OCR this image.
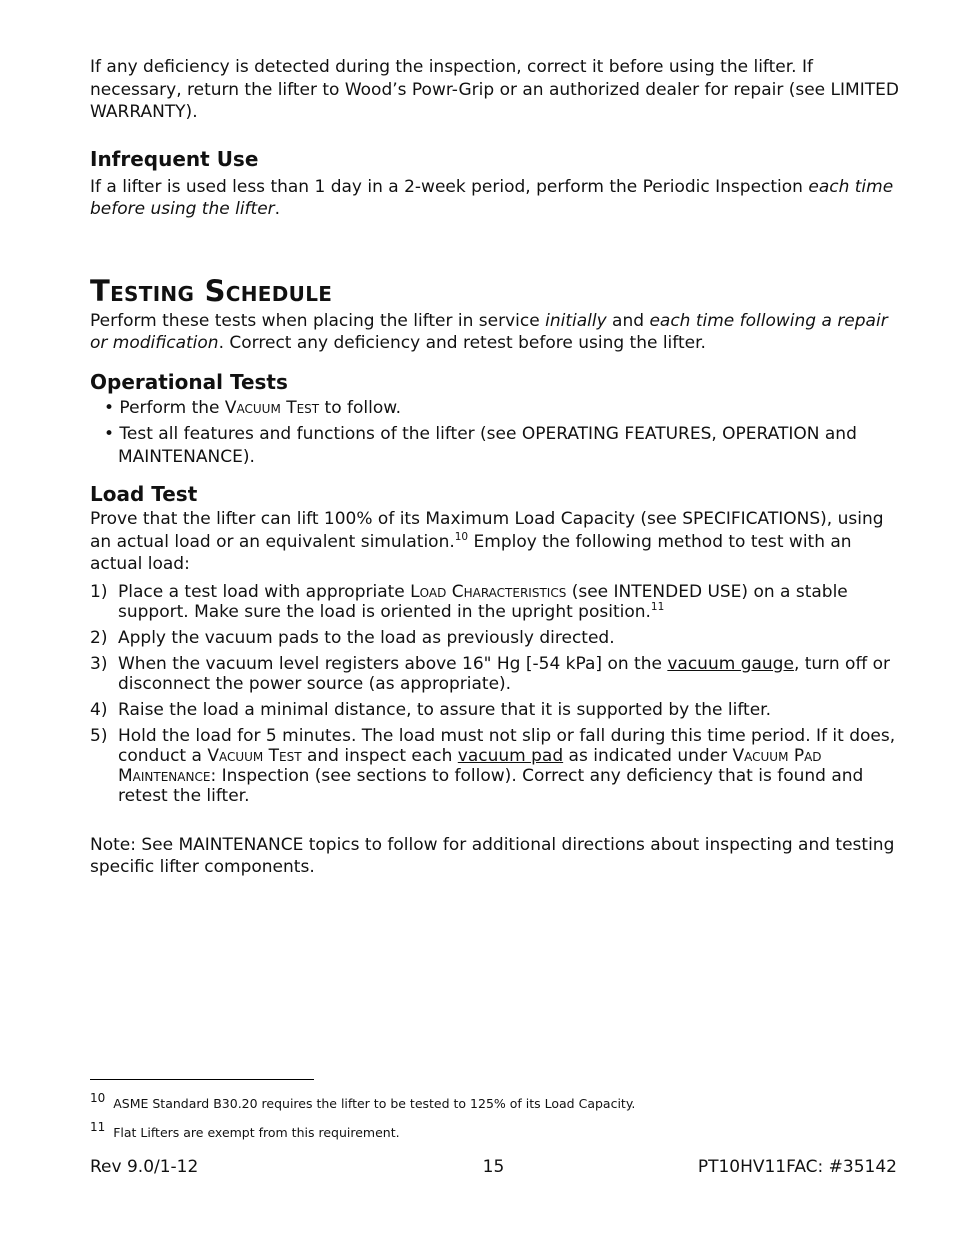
If any deficiency is detected during the inspection, correct it before using the lifter. If necessary, return the lifter to Wood’s Powr-Grip or an authorized dealer for repair (see LIMITED WARRANTY).

Infrequent Use

If a lifter is used less than 1 day in a 2-week period, perform the Periodic Inspection each time before using the lifter.

Testing Schedule

Perform these tests when placing the lifter in service initially and each time following a repair or modification. Correct any deficiency and retest before using the lifter.

Operational Tests

• Perform the Vacuum Test to follow.

• Test all features and functions of the lifter (see OPERATING FEATURES, OPERATION and MAINTENANCE).

Load Test

Prove that the lifter can lift 100% of its Maximum Load Capacity (see SPECIFICATIONS), using an actual load or an equivalent simulation.$^{10}$ Employ the following method to test with an actual load:

1) Place a test load with appropriate Load Characteristics (see INTENDED USE) on a stable support. Make sure the load is oriented in the upright position.$^{11}$
2) Apply the vacuum pads to the load as previously directed.
3) When the vacuum level registers above 16" Hg [-54 kPa] on the vacuum gauge, turn off or disconnect the power source (as appropriate).
4) Raise the load a minimal distance, to assure that it is supported by the lifter.
5) Hold the load for 5 minutes. The load must not slip or fall during this time period. If it does, conduct a Vacuum Test and inspect each vacuum pad as indicated under Vacuum Pad Maintenance: Inspection (see sections to follow). Correct any deficiency that is found and retest the lifter.

Note: See MAINTENANCE topics to follow for additional directions about inspecting and testing specific lifter components.

$^{10}$ ASME Standard B30.20 requires the lifter to be tested to 125% of its Load Capacity.
$^{11}$ Flat Lifters are exempt from this requirement.
Rev 9.0/1-12	15	PT10HV11FAC: #35142
